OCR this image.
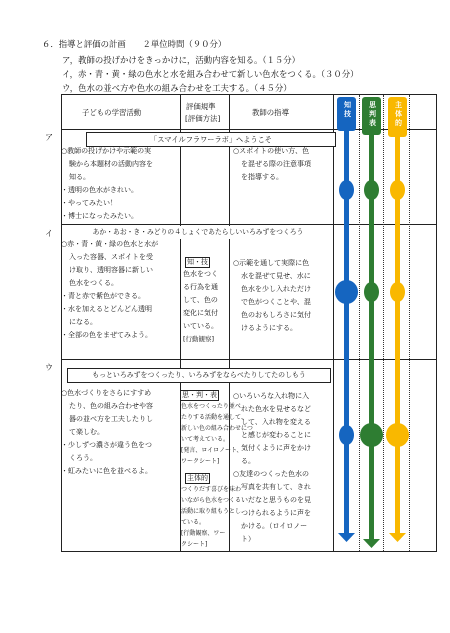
６．指導と評価の計画　　２単位時間（９０分）
ア，教師の投げかけをきっかけに，活動内容を知る。（１５分）
イ，赤・青・黄・緑の色水と水を組み合わせて新しい色水をつくる。（３０分）
ウ，色水の並べ方や色水の組み合わせを工夫する。（４５分）
子どもの学習活動
評価規準
[評価方法]
教師の指導
「スマイルフラワーラボ」へようこそ
○教師の投げかけや示範の実
験から本題材の活動内容を
知る。
・透明の色水がきれい。
・やってみたい！
・博士になったみたい。
○スポイトの使い方、色
を混ぜる際の注意事項
を指導する。
あか・あお・き・みどりの４しょくであたらしいいろみずをつくろう
○赤・青・黄・緑の色水と水が
入った容器、スポイトを受
け取り、透明容器に新しい
色水をつくる。
・青と赤で紫色ができる。
・水を加えるとどんどん透明
になる。
・全部の色をまぜてみよう。
知・技
色水をつく
る行為を通
して、色の
変化に気付
いている。
[行動観察]
○示範を通して実際に色
水を混ぜて見せ、水に
色水を少し入れただけ
で色がつくことや、混
色のおもしろさに気付
けるようにする。
もっといろみずをつくったり、いろみずをならべたりしてたのしもう
○色水づくりをさらにすすめ
たり、色の組み合わせや容
器の並べ方を工夫したりし
て楽しむ。
・少しずつ濃さが違う色をつ
くろう。
・虹みたいに色を並べるよ。
思・判・表
色水をつくったり並べ
たりする活動を通して、
新しい色の組み合わせにつ
いて考えている。
[発言、ロイロノート、
ワークシート]
主体的
つくりだす喜びを味わ
いながら色水をつくる
活動に取り組もうとし
ている。
[行動観察、ワー
クシート]
○いろいろな入れ物に入
れた色水を見せるなど
して、入れ物を変える
と感じが変わることに
気付くように声をかけ
る。
○友達のつくった色水の
写真を共有して、きれ
いだなと思うものを見
つけられるように声を
かける。（ロイロノー
ト）
知
技
思
判
表
主
体
的
ア
イ
ウ
